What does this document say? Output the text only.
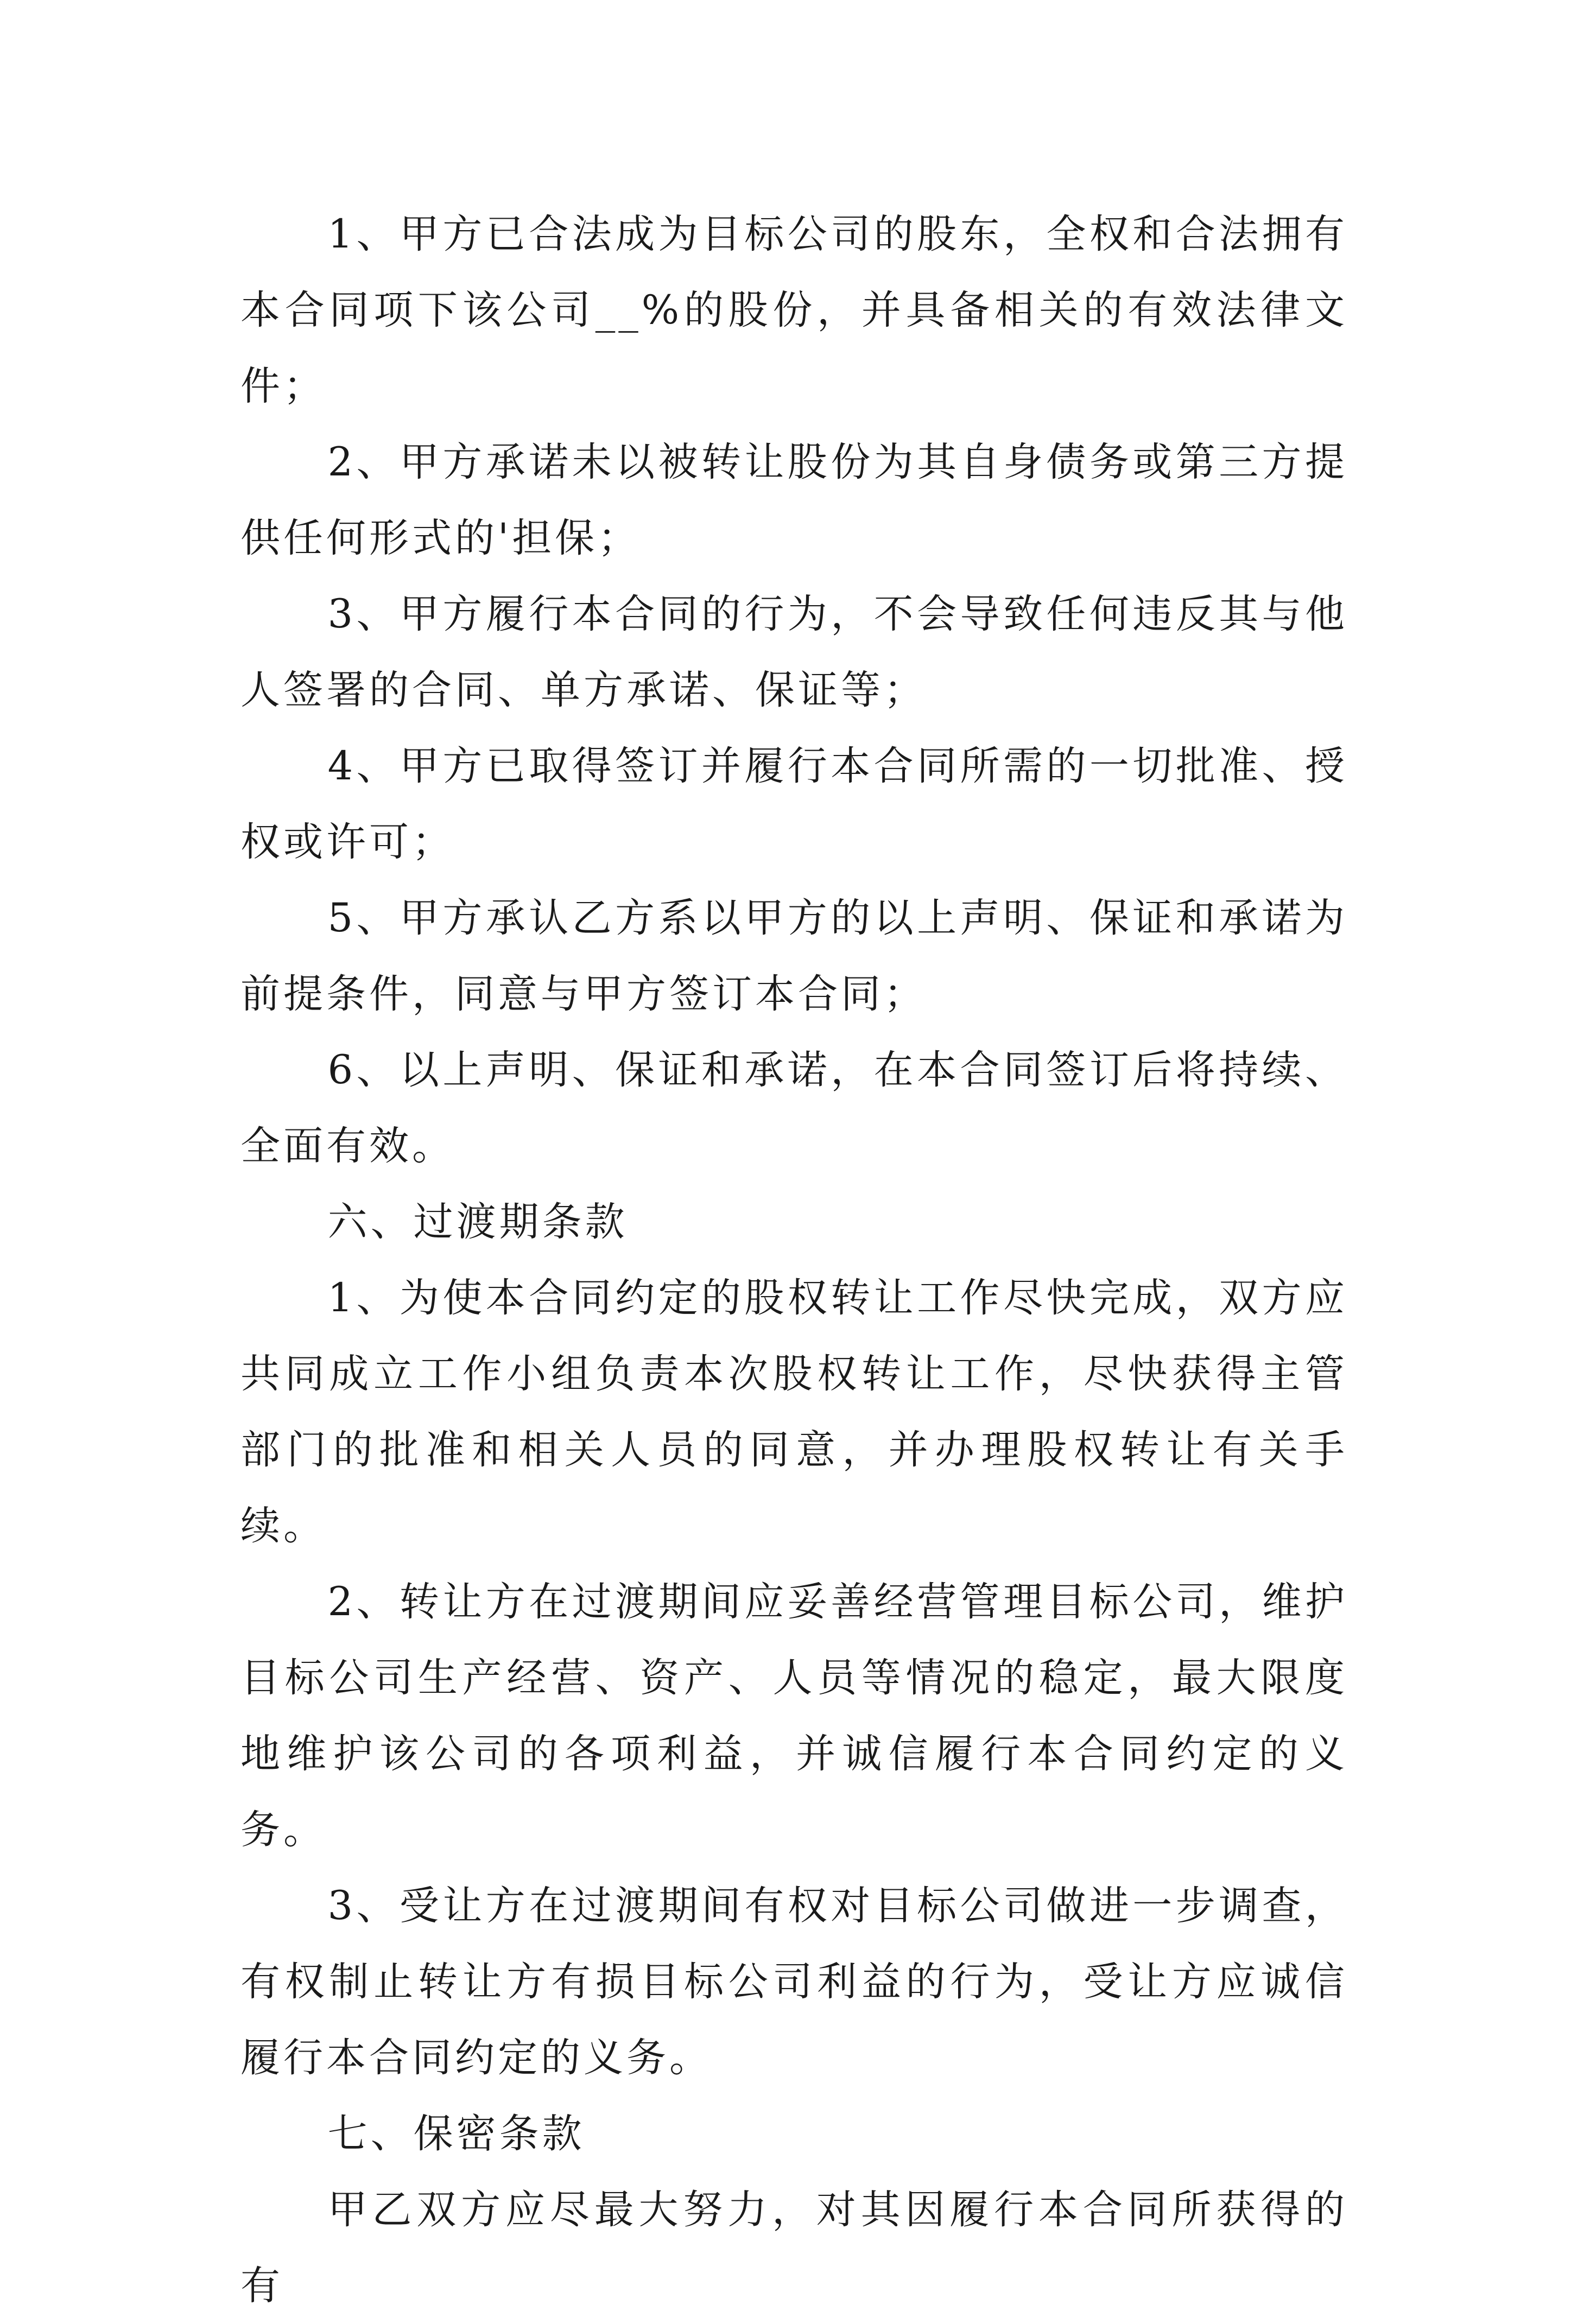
1、甲方已合法成为目标公司的股东，全权和合法拥有本合同项下该公司__%的股份，并具备相关的有效法律文件；

2、甲方承诺未以被转让股份为其自身债务或第三方提供任何形式的'担保；

3、甲方履行本合同的行为，不会导致任何违反其与他人签署的合同、单方承诺、保证等；

4、甲方已取得签订并履行本合同所需的一切批准、授权或许可；

5、甲方承认乙方系以甲方的以上声明、保证和承诺为前提条件，同意与甲方签订本合同；

6、以上声明、保证和承诺，在本合同签订后将持续、全面有效。

六、过渡期条款

1、为使本合同约定的股权转让工作尽快完成，双方应共同成立工作小组负责本次股权转让工作，尽快获得主管部门的批准和相关人员的同意，并办理股权转让有关手续。

2、转让方在过渡期间应妥善经营管理目标公司，维护目标公司生产经营、资产、人员等情况的稳定，最大限度地维护该公司的各项利益，并诚信履行本合同约定的义务。

3、受让方在过渡期间有权对目标公司做进一步调查，有权制止转让方有损目标公司利益的行为，受让方应诚信履行本合同约定的义务。

七、保密条款

甲乙双方应尽最大努力，对其因履行本合同所获得的有
